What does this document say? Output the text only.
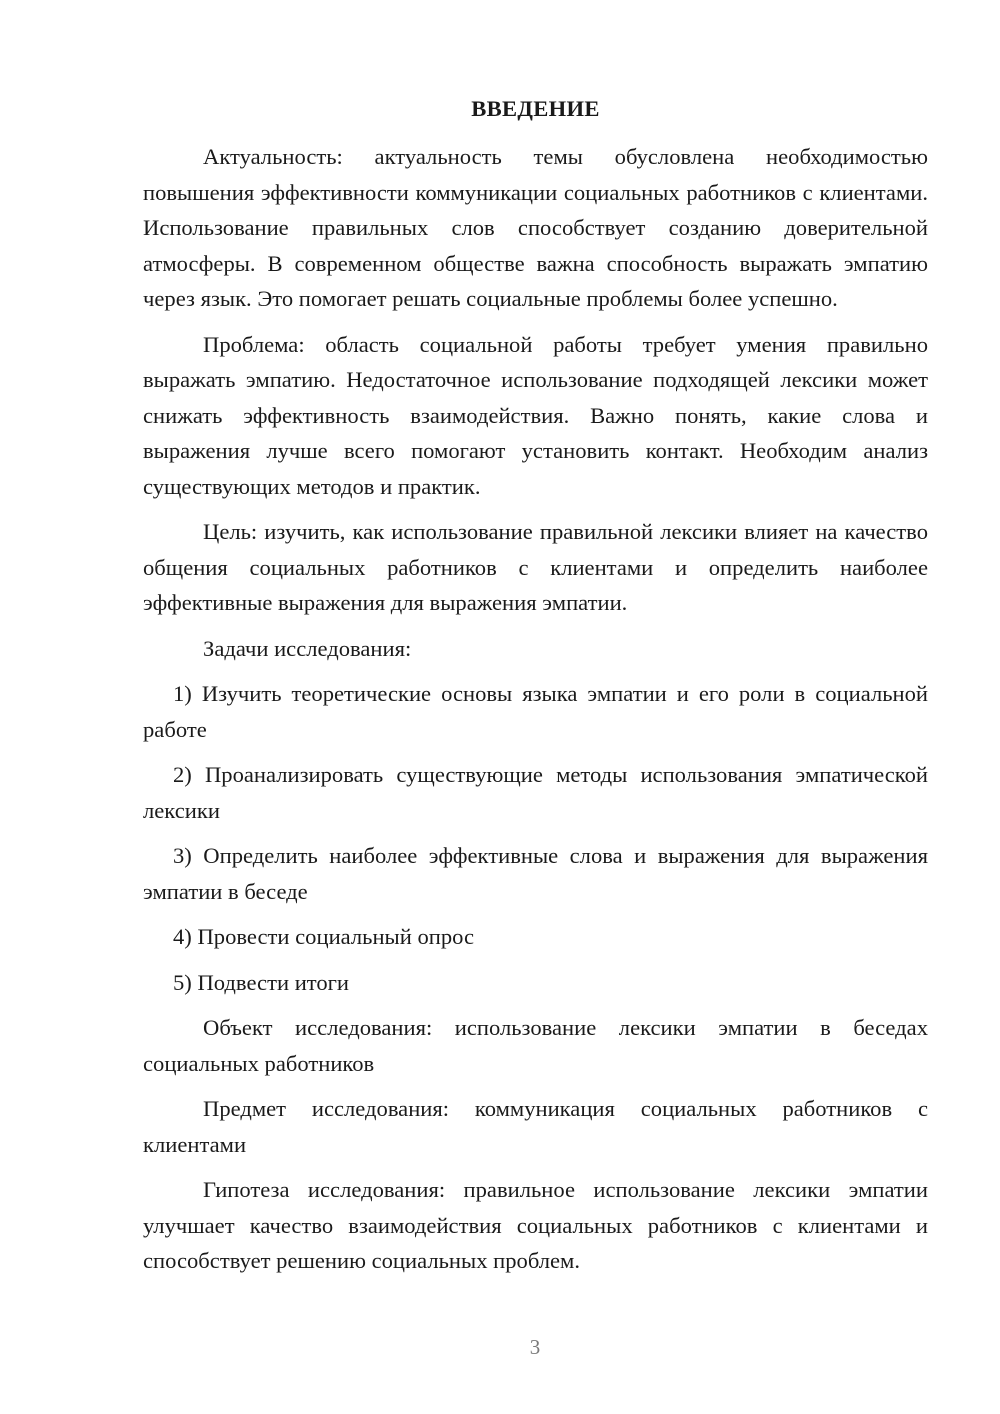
ВВЕДЕНИЕ

Актуальность: актуальность темы обусловлена необходимостью повышения эффективности коммуникации социальных работников с клиентами. Использование правильных слов способствует созданию доверительной атмосферы. В современном обществе важна способность выражать эмпатию через язык. Это помогает решать социальные проблемы более успешно.

Проблема: область социальной работы требует умения правильно выражать эмпатию. Недостаточное использование подходящей лексики может снижать эффективность взаимодействия. Важно понять, какие слова и выражения лучше всего помогают установить контакт. Необходим анализ существующих методов и практик.

Цель: изучить, как использование правильной лексики влияет на качество общения социальных работников с клиентами и определить наиболее эффективные выражения для выражения эмпатии.

Задачи исследования:

1) Изучить теоретические основы языка эмпатии и его роли в социальной работе

2) Проанализировать существующие методы использования эмпатической лексики

3) Определить наиболее эффективные слова и выражения для выражения эмпатии в беседе

4) Провести социальный опрос

5) Подвести итоги

Объект исследования: использование лексики эмпатии в беседах социальных работников

Предмет исследования: коммуникация социальных работников с клиентами

Гипотеза исследования: правильное использование лексики эмпатии улучшает качество взаимодействия социальных работников с клиентами и способствует решению социальных проблем.

3
